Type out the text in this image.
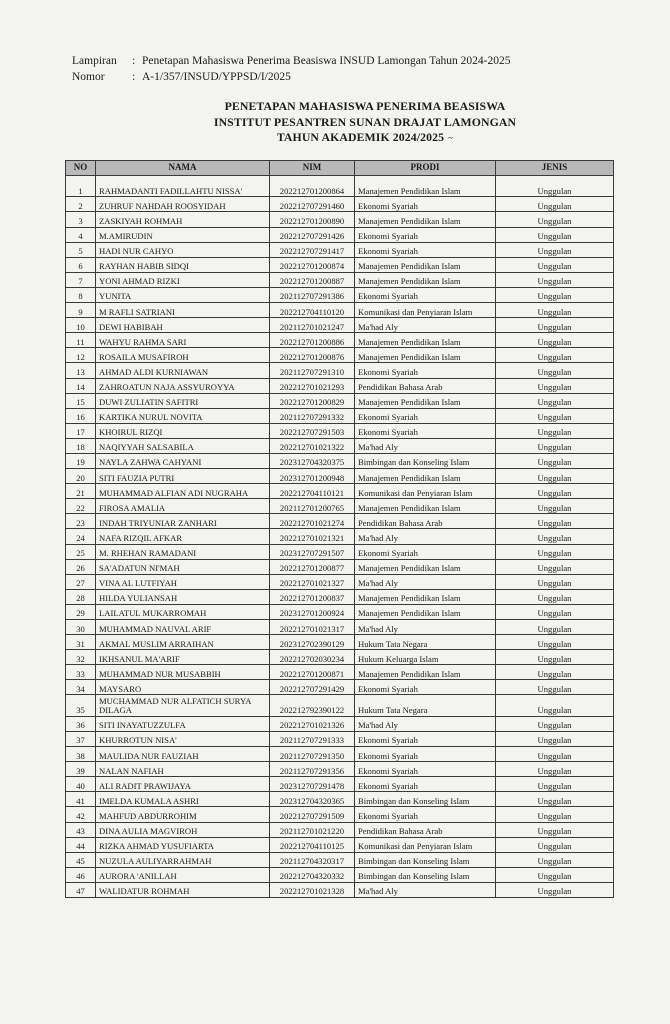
Lampiran	: Penetapan Mahasiswa Penerima Beasiswa INSUD Lamongan Tahun 2024-2025
Nomor	: A-1/357/INSUD/YPPSD/I/2025
PENETAPAN MAHASISWA PENERIMA BEASISWA
INSTITUT PESANTREN SUNAN DRAJAT LAMONGAN
TAHUN AKADEMIK 2024/2025 ~
NO	NAMA	NIM	PRODI	JENIS
1	RAHMADANTI FADILLAHTU NISSA'	202212701200864	Manajemen Pendidikan Islam	Unggulan
2	ZUHRUF NAHDAH ROOSYIDAH	202212707291460	Ekonomi Syariah	Unggulan
3	ZASKIYAH ROHMAH	202212701200890	Manajemen Pendidikan Islam	Unggulan
4	M.AMIRUDIN	202212707291426	Ekonomi Syariah	Unggulan
5	HADI NUR CAHYO	202212707291417	Ekonomi Syariah	Unggulan
6	RAYHAN HABIB SIDQI	202212701200874	Manajemen Pendidikan Islam	Unggulan
7	YONI AHMAD RIZKI	202212701200887	Manajemen Pendidikan Islam	Unggulan
8	YUNITA	202112707291386	Ekonomi Syariah	Unggulan
9	M RAFLI SATRIANI	202212704110120	Komunikasi dan Penyiaran Islam	Unggulan
10	DEWI HABIBAH	202112701021247	Ma'had Aly	Unggulan
11	WAHYU RAHMA SARI	202212701200886	Manajemen Pendidikan Islam	Unggulan
12	ROSAILA MUSAFIROH	202212701200876	Manajemen Pendidikan Islam	Unggulan
13	AHMAD ALDI KURNIAWAN	202112707291310	Ekonomi Syariah	Unggulan
14	ZAHROATUN NAJA ASSYUROYYA	202212701021293	Pendidikan Bahasa Arab	Unggulan
15	DUWI ZULIATIN SAFITRI	202212701200829	Manajemen Pendidikan Islam	Unggulan
16	KARTIKA NURUL NOVITA	202112707291332	Ekonomi Syariah	Unggulan
17	KHOIRUL RIZQI	202212707291503	Ekonomi Syariah	Unggulan
18	NAQIYYAH SALSABILA	202212701021322	Ma'had Aly	Unggulan
19	NAYLA ZAHWA CAHYANI	202312704320375	Bimbingan dan Konseling Islam	Unggulan
20	SITI FAUZIA PUTRI	202312701200948	Manajemen Pendidikan Islam	Unggulan
21	MUHAMMAD ALFIAN ADI NUGRAHA	202212704110121	Komunikasi dan Penyiaran Islam	Unggulan
22	FIROSA AMALIA	202112701200765	Manajemen Pendidikan Islam	Unggulan
23	INDAH TRIYUNIAR ZANHARI	202212701021274	Pendidikan Bahasa Arab	Unggulan
24	NAFA RIZQIL AFKAR	202212701021321	Ma'had Aly	Unggulan
25	M. RHEHAN RAMADANI	202312707291507	Ekonomi Syariah	Unggulan
26	SA'ADATUN NI'MAH	202212701200877	Manajemen Pendidikan Islam	Unggulan
27	VINA AL LUTFIYAH	202212701021327	Ma'had Aly	Unggulan
28	HILDA YULIANSAH	202212701200837	Manajemen Pendidikan Islam	Unggulan
29	LAILATUL MUKARROMAH	202312701200924	Manajemen Pendidikan Islam	Unggulan
30	MUHAMMAD NAUVAL ARIF	202212701021317	Ma'had Aly	Unggulan
31	AKMAL MUSLIM ARRAIHAN	202312702390129	Hukum Tata Negara	Unggulan
32	IKHSANUL MA'ARIF	202212702030234	Hukum Keluarga Islam	Unggulan
33	MUHAMMAD NUR MUSABBIH	202212701200871	Manajemen Pendidikan Islam	Unggulan
34	MAYSARO	202212707291429	Ekonomi Syariah	Unggulan
35	MUCHAMMAD NUR ALFATICH SURYA DILAGA	202212792390122	Hukum Tata Negara	Unggulan
36	SITI INAYATUZZULFA	202212701021326	Ma'had Aly	Unggulan
37	KHURROTUN NISA'	202112707291333	Ekonomi Syariah	Unggulan
38	MAULIDA NUR FAUZIAH	202112707291350	Ekonomi Syariah	Unggulan
39	NALAN NAFIAH	202112707291356	Ekonomi Syariah	Unggulan
40	ALI RADIT PRAWIJAYA	202312707291478	Ekonomi Syariah	Unggulan
41	IMELDA KUMALA ASHRI	202312704320365	Bimbingan dan Konseling Islam	Unggulan
42	MAHFUD ABDURROHIM	202212707291509	Ekonomi Syariah	Unggulan
43	DINA AULIA MAGVIROH	202112701021220	Pendidikan Bahasa Arab	Unggulan
44	RIZKA AHMAD YUSUFIARTA	202212704110125	Komunikasi dan Penyiaran Islam	Unggulan
45	NUZULA AULIYARRAHMAH	202112704320317	Bimbingan dan Konseling Islam	Unggulan
46	AURORA 'ANILLAH	202212704320332	Bimbingan dan Konseling Islam	Unggulan
47	WALIDATUR ROHMAH	202212701021328	Ma'had Aly	Unggulan
